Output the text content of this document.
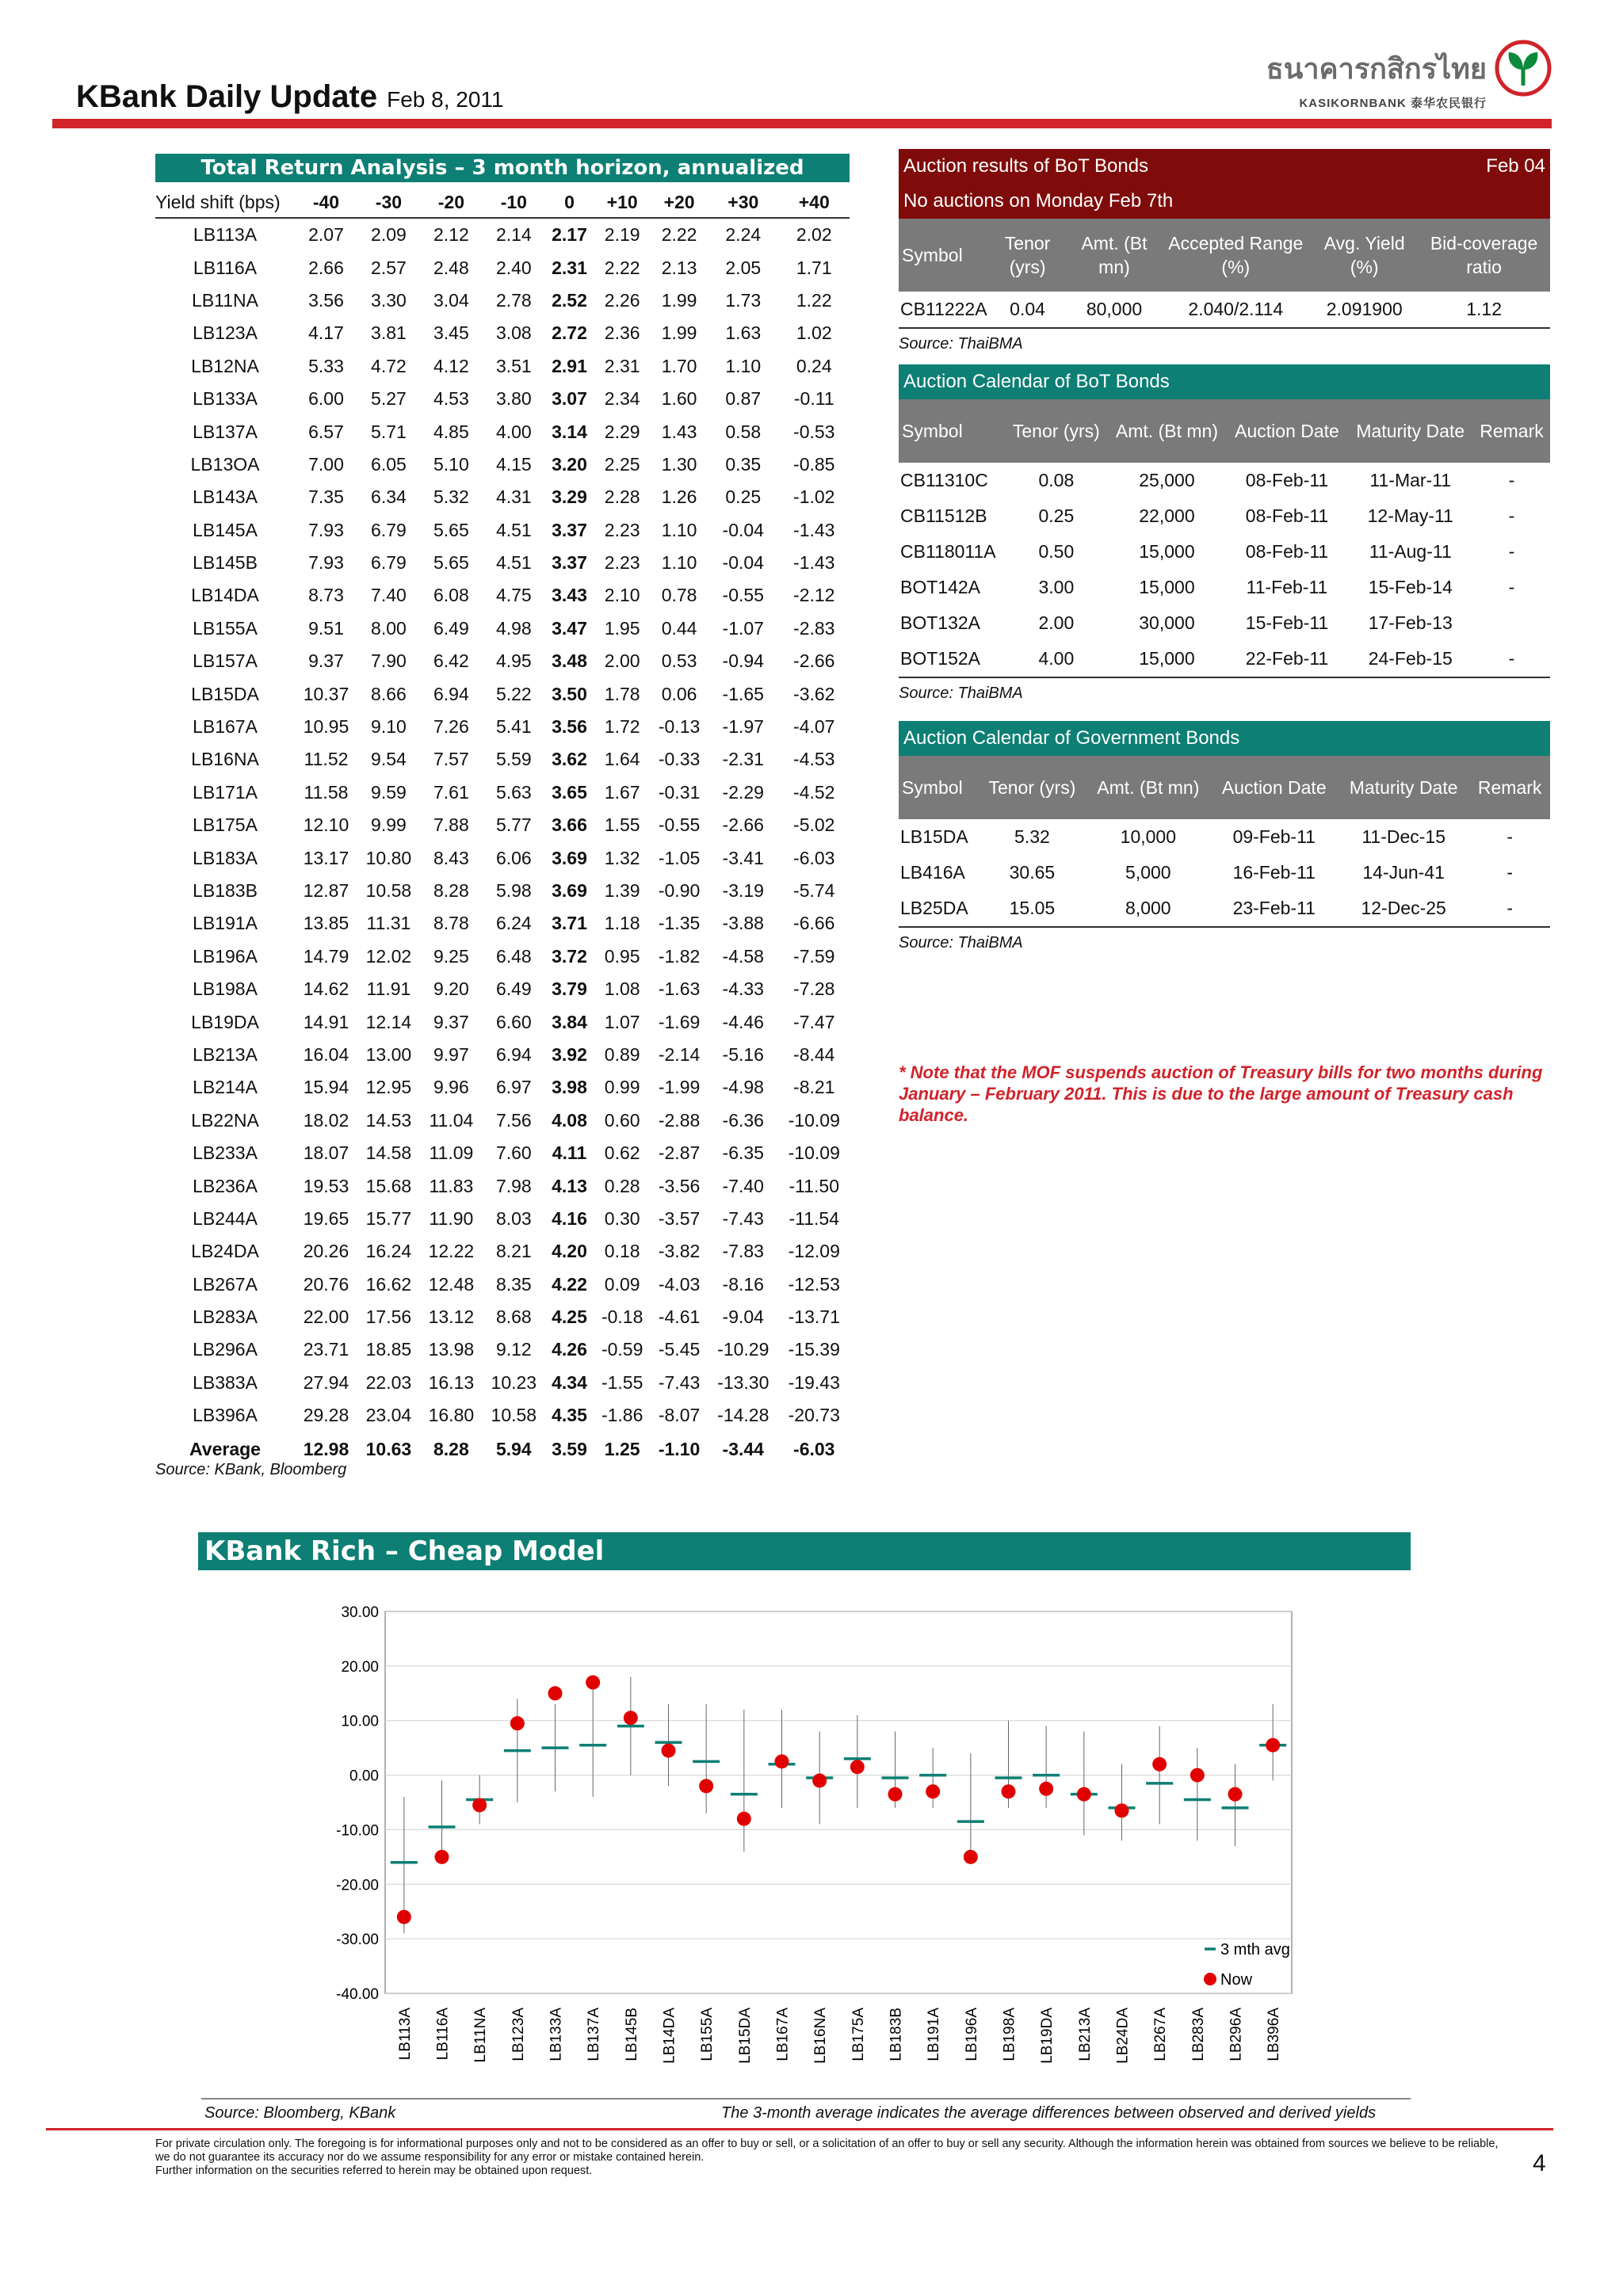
KBank Daily Update Feb 8, 2011
ธนาคารกสิกรไทย
KASIKORNBANK 泰华农民银行
Total Return Analysis – 3 month horizon, annualized
Yield shift (bps)	-40	-30	-20	-10	0	+10	+20	+30	+40
LB113A	2.07	2.09	2.12	2.14	2.17	2.19	2.22	2.24	2.02
LB116A	2.66	2.57	2.48	2.40	2.31	2.22	2.13	2.05	1.71
LB11NA	3.56	3.30	3.04	2.78	2.52	2.26	1.99	1.73	1.22
LB123A	4.17	3.81	3.45	3.08	2.72	2.36	1.99	1.63	1.02
LB12NA	5.33	4.72	4.12	3.51	2.91	2.31	1.70	1.10	0.24
LB133A	6.00	5.27	4.53	3.80	3.07	2.34	1.60	0.87	-0.11
LB137A	6.57	5.71	4.85	4.00	3.14	2.29	1.43	0.58	-0.53
LB13OA	7.00	6.05	5.10	4.15	3.20	2.25	1.30	0.35	-0.85
LB143A	7.35	6.34	5.32	4.31	3.29	2.28	1.26	0.25	-1.02
LB145A	7.93	6.79	5.65	4.51	3.37	2.23	1.10	-0.04	-1.43
LB145B	7.93	6.79	5.65	4.51	3.37	2.23	1.10	-0.04	-1.43
LB14DA	8.73	7.40	6.08	4.75	3.43	2.10	0.78	-0.55	-2.12
LB155A	9.51	8.00	6.49	4.98	3.47	1.95	0.44	-1.07	-2.83
LB157A	9.37	7.90	6.42	4.95	3.48	2.00	0.53	-0.94	-2.66
LB15DA	10.37	8.66	6.94	5.22	3.50	1.78	0.06	-1.65	-3.62
LB167A	10.95	9.10	7.26	5.41	3.56	1.72	-0.13	-1.97	-4.07
LB16NA	11.52	9.54	7.57	5.59	3.62	1.64	-0.33	-2.31	-4.53
LB171A	11.58	9.59	7.61	5.63	3.65	1.67	-0.31	-2.29	-4.52
LB175A	12.10	9.99	7.88	5.77	3.66	1.55	-0.55	-2.66	-5.02
LB183A	13.17	10.80	8.43	6.06	3.69	1.32	-1.05	-3.41	-6.03
LB183B	12.87	10.58	8.28	5.98	3.69	1.39	-0.90	-3.19	-5.74
LB191A	13.85	11.31	8.78	6.24	3.71	1.18	-1.35	-3.88	-6.66
LB196A	14.79	12.02	9.25	6.48	3.72	0.95	-1.82	-4.58	-7.59
LB198A	14.62	11.91	9.20	6.49	3.79	1.08	-1.63	-4.33	-7.28
LB19DA	14.91	12.14	9.37	6.60	3.84	1.07	-1.69	-4.46	-7.47
LB213A	16.04	13.00	9.97	6.94	3.92	0.89	-2.14	-5.16	-8.44
LB214A	15.94	12.95	9.96	6.97	3.98	0.99	-1.99	-4.98	-8.21
LB22NA	18.02	14.53	11.04	7.56	4.08	0.60	-2.88	-6.36	-10.09
LB233A	18.07	14.58	11.09	7.60	4.11	0.62	-2.87	-6.35	-10.09
LB236A	19.53	15.68	11.83	7.98	4.13	0.28	-3.56	-7.40	-11.50
LB244A	19.65	15.77	11.90	8.03	4.16	0.30	-3.57	-7.43	-11.54
LB24DA	20.26	16.24	12.22	8.21	4.20	0.18	-3.82	-7.83	-12.09
LB267A	20.76	16.62	12.48	8.35	4.22	0.09	-4.03	-8.16	-12.53
LB283A	22.00	17.56	13.12	8.68	4.25	-0.18	-4.61	-9.04	-13.71
LB296A	23.71	18.85	13.98	9.12	4.26	-0.59	-5.45	-10.29	-15.39
LB383A	27.94	22.03	16.13	10.23	4.34	-1.55	-7.43	-13.30	-19.43
LB396A	29.28	23.04	16.80	10.58	4.35	-1.86	-8.07	-14.28	-20.73
Average	12.98	10.63	8.28	5.94	3.59	1.25	-1.10	-3.44	-6.03
Source: KBank, Bloomberg
Auction results of BoT Bonds	Feb 04
No auctions on Monday Feb 7th
Symbol	Tenor (yrs)	Amt. (Bt mn)	Accepted Range (%)	Avg. Yield (%)	Bid-coverage ratio
CB11222A	0.04	80,000	2.040/2.114	2.091900	1.12
Source: ThaiBMA
Auction Calendar of BoT Bonds
Symbol	Tenor (yrs)	Amt. (Bt mn)	Auction Date	Maturity Date	Remark
CB11310C	0.08	25,000	08-Feb-11	11-Mar-11	-
CB11512B	0.25	22,000	08-Feb-11	12-May-11	-
CB118011A	0.50	15,000	08-Feb-11	11-Aug-11	-
BOT142A	3.00	15,000	11-Feb-11	15-Feb-14	-
BOT132A	2.00	30,000	15-Feb-11	17-Feb-13	
BOT152A	4.00	15,000	22-Feb-11	24-Feb-15	-
Source: ThaiBMA
Auction Calendar of Government Bonds
Symbol	Tenor (yrs)	Amt. (Bt mn)	Auction Date	Maturity Date	Remark
LB15DA	5.32	10,000	09-Feb-11	11-Dec-15	-
LB416A	30.65	5,000	16-Feb-11	14-Jun-41	-
LB25DA	15.05	8,000	23-Feb-11	12-Dec-25	-
Source: ThaiBMA
* Note that the MOF suspends auction of Treasury bills for two months during January – February 2011. This is due to the large amount of Treasury cash balance.
KBank Rich – Cheap Model
30.00
20.00
10.00
0.00
-10.00
-20.00
-30.00
-40.00
LB113A LB116A LB11NA LB123A LB133A LB137A LB145B LB14DA LB155A LB15DA LB167A LB16NA LB175A LB183B LB191A LB196A LB198A LB19DA LB213A LB24DA LB267A LB283A LB296A LB396A
3 mth avg
Now
Source: Bloomberg, KBank	The 3-month average indicates the average differences between observed and derived yields
For private circulation only. The foregoing is for informational purposes only and not to be considered as an offer to buy or sell, or a solicitation of an offer to buy or sell any security. Although the information herein was obtained from sources we believe to be reliable, we do not guarantee its accuracy nor do we assume responsibility for any error or mistake contained herein.
Further information on the securities referred to herein may be obtained upon request.	4
